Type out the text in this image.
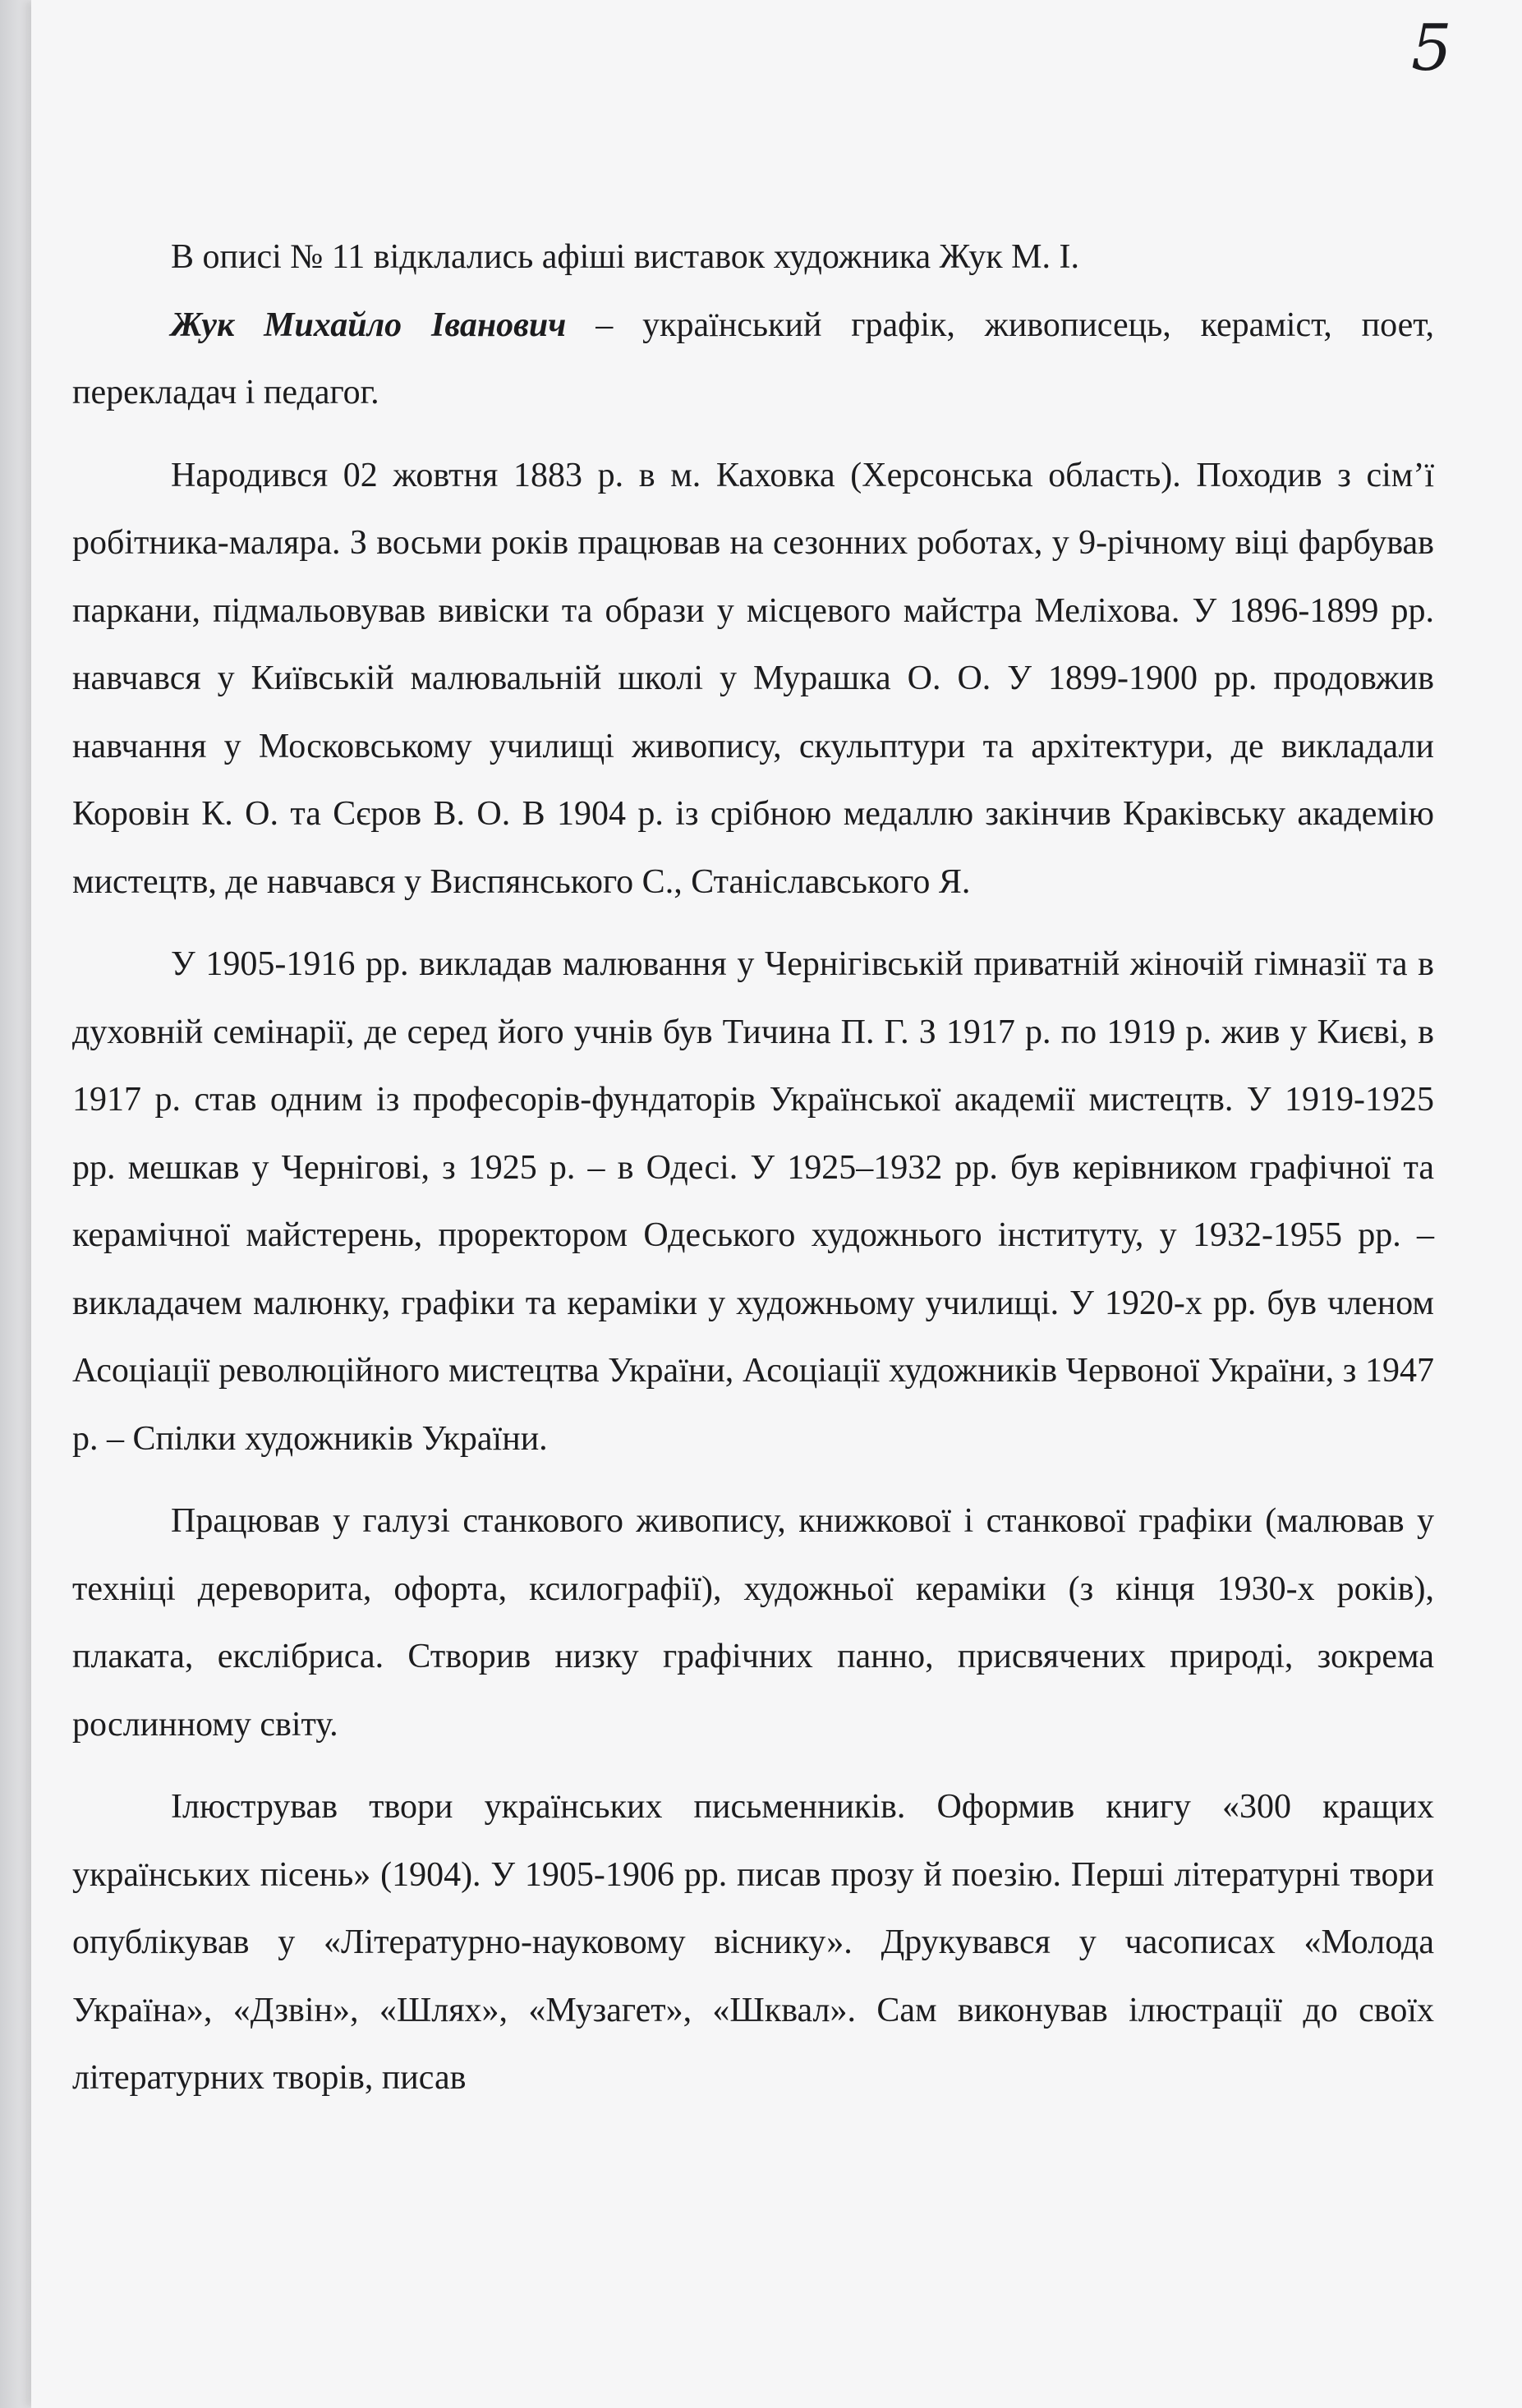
5

В описі № 11 відклались афіші виставок художника Жук М. І.

Жук Михайло Іванович – український графік, живописець, кераміст, поет, перекладач і педагог.

Народився 02 жовтня 1883 р. в м. Каховка (Херсонська область). Походив з сім’ї робітника-маляра. З восьми років працював на сезонних роботах, у 9-річному віці фарбував паркани, підмальовував вивіски та образи у місцевого майстра Меліхова. У 1896-1899 рр. навчався у Київській малювальній школі у Мурашка О. О. У 1899-1900 рр. продовжив навчання у Московському училищі живопису, скульптури та архітектури, де викладали Коровін К. О. та Сєров В. О. В 1904 р. із срібною медаллю закінчив Краківську академію мистецтв, де навчався у Виспянського С., Станіславського Я.

У 1905-1916 рр. викладав малювання у Чернігівській приватній жіночій гімназії та в духовній семінарії, де серед його учнів був Тичина П. Г. З 1917 р. по 1919 р. жив у Києві, в 1917 р. став одним із професорів-фундаторів Української академії мистецтв. У 1919-1925 рр. мешкав у Чернігові, з 1925 р. – в Одесі. У 1925–1932 рр. був керівником графічної та керамічної майстерень, проректором Одеського художнього інституту, у 1932-1955 рр. – викладачем малюнку, графіки та кераміки у художньому училищі. У 1920-х рр. був членом Асоціації революційного мистецтва України, Асоціації художників Червоної України, з 1947 р. – Спілки художників України.

Працював у галузі станкового живопису, книжкової і станкової графіки (малював у техніці дереворита, офорта, ксилографії), художньої кераміки (з кінця 1930-х років), плаката, екслібриса. Створив низку графічних панно, присвячених природі, зокрема рослинному світу.

Ілюстрував твори українських письменників. Оформив книгу «300 кращих українських пісень» (1904). У 1905-1906 рр. писав прозу й поезію. Перші літературні твори опублікував у «Літературно-науковому віснику». Друкувався у часописах «Молода Україна», «Дзвін», «Шлях», «Музагет», «Шквал». Сам виконував ілюстрації до своїх літературних творів, писав
